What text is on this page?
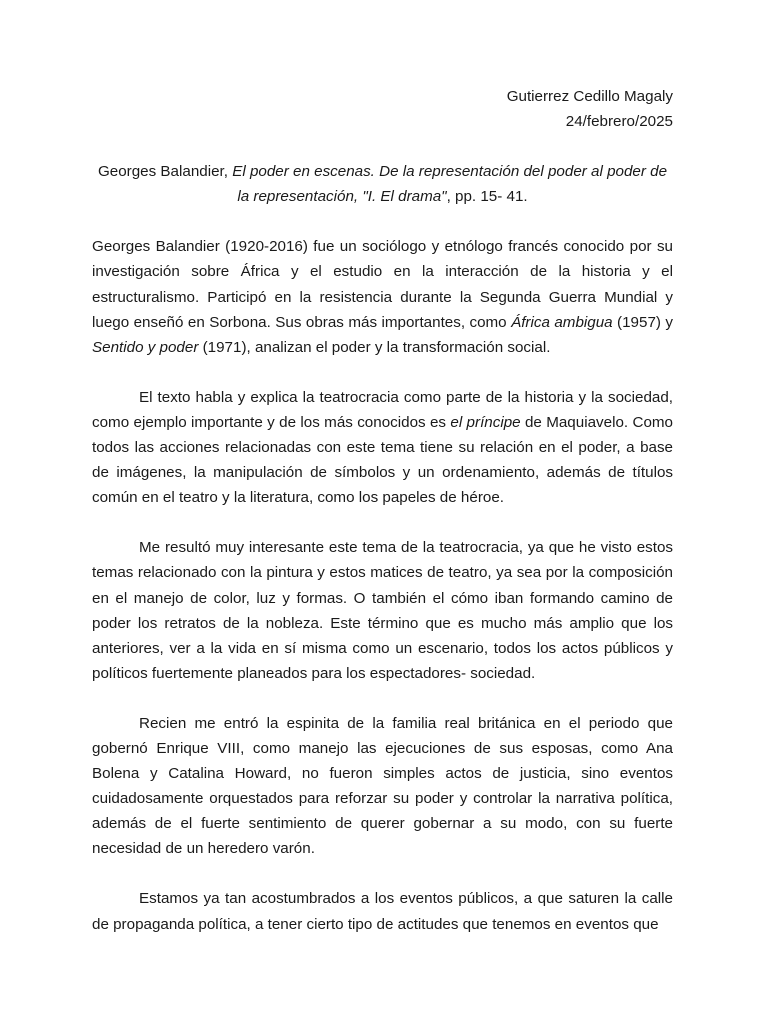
Gutierrez Cedillo Magaly

24/febrero/2025

Georges Balandier, El poder en escenas. De la representación del poder al poder de la representación, "I. El drama", pp. 15- 41.

Georges Balandier (1920-2016) fue un sociólogo y etnólogo francés conocido por su investigación sobre África y el estudio en la interacción de la historia y el estructuralismo. Participó en la resistencia durante la Segunda Guerra Mundial y luego enseñó en Sorbona. Sus obras más importantes, como África ambigua (1957) y Sentido y poder (1971), analizan el poder y la transformación social.

El texto habla y explica la teatrocracia como parte de la historia y la sociedad, como ejemplo importante y de los más conocidos es el príncipe de Maquiavelo. Como todos las acciones relacionadas con este tema tiene su relación en el poder, a base de imágenes, la manipulación de símbolos y un ordenamiento, además de títulos común en el teatro y la literatura, como los papeles de héroe.

Me resultó muy interesante este tema de la teatrocracia, ya que he visto estos temas relacionado con la pintura y estos matices de teatro, ya sea por la composición en el manejo de color, luz y formas. O también el cómo iban formando camino de poder los retratos de la nobleza. Este término que es mucho más amplio que los anteriores, ver a la vida en sí misma como un escenario, todos los actos públicos y políticos fuertemente planeados para los espectadores- sociedad.

Recien me entró la espinita de la familia real británica en el periodo que gobernó Enrique VIII, como manejo las ejecuciones de sus esposas, como Ana Bolena y Catalina Howard, no fueron simples actos de justicia, sino eventos cuidadosamente orquestados para reforzar su poder y controlar la narrativa política, además de el fuerte sentimiento de querer gobernar a su modo, con su fuerte necesidad de un heredero varón.

Estamos ya tan acostumbrados a los eventos públicos, a que saturen la calle de propaganda política, a tener cierto tipo de actitudes que tenemos en eventos que
